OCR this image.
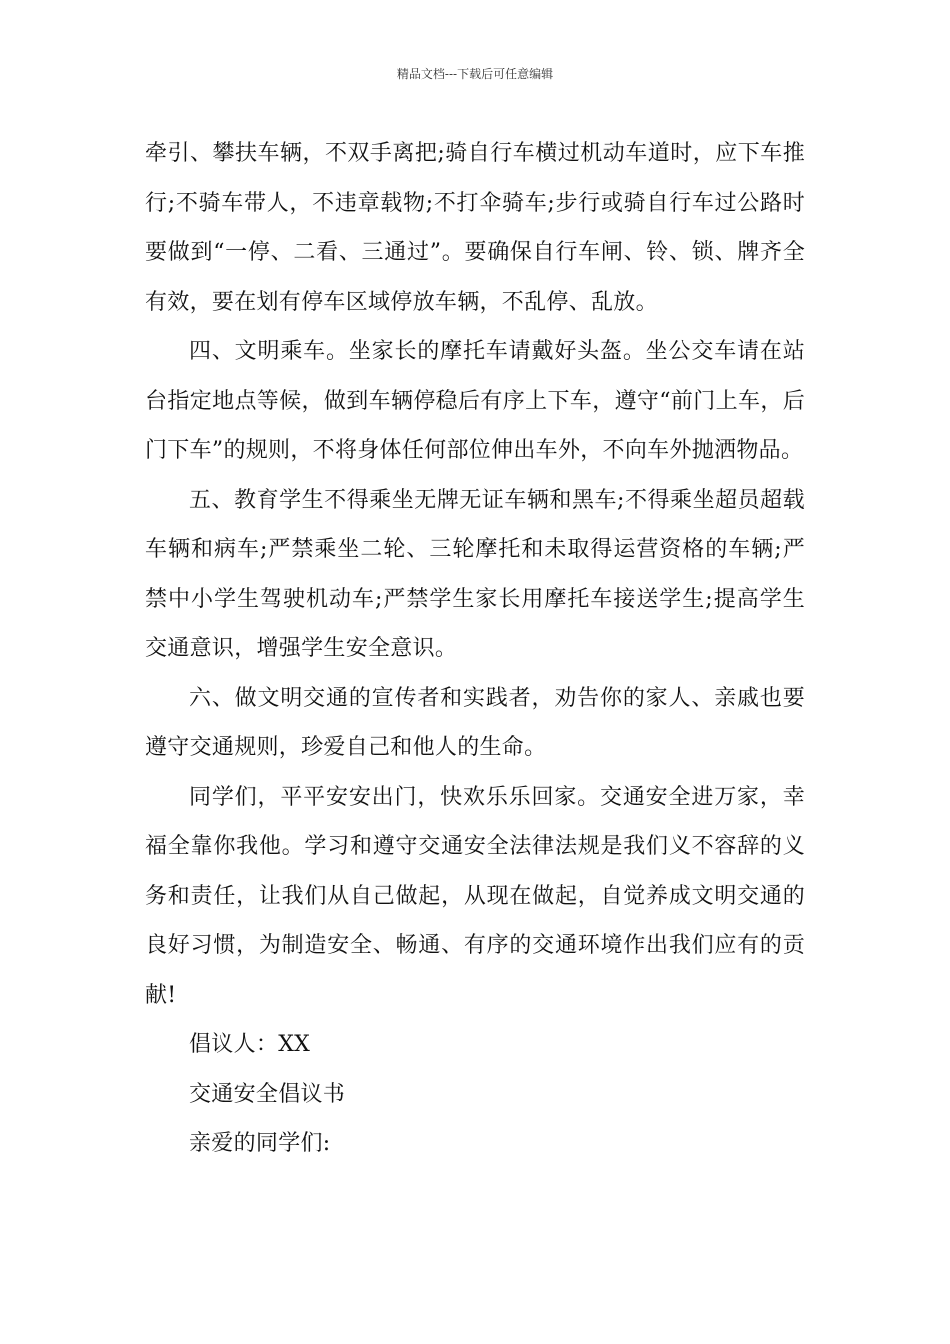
精品文档---下载后可任意编辑

牵引、攀扶车辆，不双手离把;骑自行车横过机动车道时，应下车推行;不骑车带人，不违章载物;不打伞骑车;步行或骑自行车过公路时要做到“一停、二看、三通过”。要确保自行车闸、铃、锁、牌齐全有效，要在划有停车区域停放车辆，不乱停、乱放。

四、文明乘车。坐家长的摩托车请戴好头盔。坐公交车请在站台指定地点等候，做到车辆停稳后有序上下车，遵守“前门上车，后门下车”的规则，不将身体任何部位伸出车外，不向车外抛洒物品。

五、教育学生不得乘坐无牌无证车辆和黑车;不得乘坐超员超载车辆和病车;严禁乘坐二轮、三轮摩托和未取得运营资格的车辆;严禁中小学生驾驶机动车;严禁学生家长用摩托车接送学生;提高学生交通意识，增强学生安全意识。

六、做文明交通的宣传者和实践者，劝告你的家人、亲戚也要遵守交通规则，珍爱自己和他人的生命。

同学们，平平安安出门，快欢乐乐回家。交通安全进万家，幸福全靠你我他。学习和遵守交通安全法律法规是我们义不容辞的义务和责任，让我们从自己做起，从现在做起，自觉养成文明交通的良好习惯，为制造安全、畅通、有序的交通环境作出我们应有的贡献!

倡议人：XX

交通安全倡议书

亲爱的同学们:
